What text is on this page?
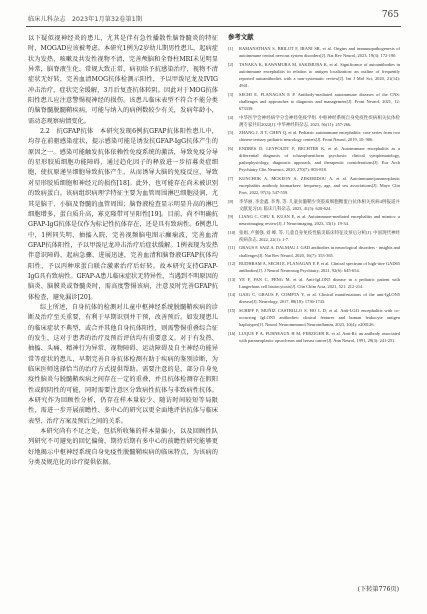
临床儿科杂志　2023年1月第32卷第1期	765

以下疑似视神经炎的患儿，尤其是伴有急性播散性脑脊髓炎的特征时，MOGAD应该被考虑。本研究1例为2岁幼儿期男性患儿，起病症状为发热、咳嗽及共发性视物不清，完善颅脑和全脊柱MRI未见明显异常，脑脊液生化、常规大致正常，病初给予抗感染治疗，视物不清症状无好转，完善血清MOG抗体检测示阳性，予以甲泼尼龙及IVIG冲击治疗，症状完全缓解，3月后复查抗体转阴。因此对于MOG抗体阳性患儿应注意警惕视神经的损伤。该患儿临床表型不符合不能分类的脑脊髓脱髓鞘疾病，可能与纳入的病例数较少有关，发病年龄小，需动态观察病情变化。

2.2　抗GFAP抗体　本研究发现6例抗GFAP抗体阳性患儿中，均存在前驱感染症状，提示感染可能是诱发抗GFAP-IgG抗体产生的原因之一。感染可能触发抗体依赖性免疫系统的激活，导致免疫分导的星形胶质细胞功能障碍，通过趋化因子的释放进一步招募炎症细胞，使抗原递呈细胞导致抗体产生，从而诱导大脑的免疫反应，导致对星形胶质细胞和神经元的损伤[18]。此外，也可能存在尚未被识别的致病蛋白。该病组织病理学特征主要为血管周围淋巴细胞浸润，尤其是脑干、小脑及脊髓的血管周围；脑脊液检查显示明显升高的淋巴细胞增多，蛋白质升高，寡克隆带可呈阳性[19]。目前，尚不明确抗GFAP-IgG抗体是仅作为标记性抗体存在，还是具有致病性。6例患儿中，1例同失明、抽搐入院，完善视频脑电图示癫痫波，完善血清GFAP抗体阳性，予以甲泼尼龙冲击治疗后症状缓解。1例表现为发热伴意识障碍，起病急骤、进展迅速，完善血清和脑脊液GFAP抗体均阳性，予以丙种球蛋白联合激素治疗后好转。故本研究支持GFAP-IgG具有致病性。GFAP-A患儿临床症状无特异性，当遇到不明原因的脑炎、脑膜炎或脊髓炎时，需高度警惕该病，注意及时完善GFAP抗体检查，避免漏诊[20]。

综上所述，自身抗体的检测对儿童中枢神经系统脱髓鞘疾病的诊断及治疗至关重要，有利于早期识别并干预，改善预后。如发现患儿的临床症状不典型，或合并其他自身抗体阳性，则需警惕重叠综合征的发生，这对于患者的治疗及预后评估均有重要意义。对于有发热、抽搐、头痛、精神行为异常、视物障碍、运动障碍及自主神经功能异常等症状的患儿，早期完善自身抗体检测有助于疾病的鉴别诊断，为临床医师选择恰当的治疗方式提供帮助。需要注意的是，部分自身免疫性脑炎与脱髓鞘疾病之间存在一定的重叠，并且抗体检测存在假阳性或假阴性的可能，同时需要注意区分致病性抗体与非致病性抗体。本研究作为回顾性分析，仍存在样本量较少、随访时间较短等局限性，需进一步开展前瞻性、多中心的研究以更全面地评估抗体与临床表型、治疗方案及预后之间的关系。

本研究尚有不足之处，包括所收集的样本量偏小，以及回顾性队列研究不可避免的回忆偏倚，期待后期有多中心的前瞻性研究能够更好地揭示中枢神经系统自身免疫性脱髓鞘疾病的临床特点，为该病的分类及规范化的诊疗提供依据。

参考文献
[1]	RAMANATHAN S, BRILOT F, IRANI SR, et al. Origins and immunopathogenesis of autoimmune central nervous system disorders[J]. Nat Rev Neurol, 2023, 19(3): 172-190.
[2]	TANAKA K, KAWAMURA M, SAKIMURA K, et al. Significance of autoantibodies in autoimmune encephalitis in relation to antigen localization: an outline of frequently reported autoantibodies with a non-systematic review[J]. Int J Mol Sci, 2020, 21(14): 4941.
[3]	SECHI E, FLANAGAN E P. Antibody-mediated autoimmune diseases of the CNS: challenges and approaches to diagnosis and management[J]. Front Neurol, 2021, 12: 673339.
[4]	中华医学会神经病学分会神经免疫学组. 中枢神经系统自身免疫性疾病相关抗体检测专家共识2022[J]. 中华神经科杂志, 2023, 56(11): 257-266.
[5]	ZHANG J, JI T, CHEN Q, et al. Pediatric autoimmune encephalitis: case series from two chinese tertiary pediatric neurology centers[J]. Front Neurol, 2019, 10: 906.
[6]	ENDRES D, LEYPOLDT F, BECHTER K, et al. Autoimmune encephalitis as a differential diagnosis of schizophreniform psychosis: clinical symptomatology, pathophysiology, diagnostic approach, and therapeutic considerations[J]. Eur Arch Psychiatry Clin Neurosci, 2020, 270(7): 803-818.
[7]	KUNCHOK A, MCKEON A, ZEKERIDOU A, et al. Autoimmune/paraneoplastic encephalitis antibody biomarkers: frequency, age, and sex associations[J]. Mayo Clin Proc, 2022, 97(3): 547-559.
[8]	李华丽, 李金鑫, 李秀, 等. 儿童抗髓鞘少突胶质细胞糖蛋白抗体相关疾病4例报道并文献复习[J]. 临床儿科杂志, 2023, 41(5): 620-624.
[9]	LIANG C, CHU E, KUAN E, et al. Autoimmune-mediated encephalitis and mimics: a neuroimaging review[J]. J Neuroimaging, 2023, 33(1): 19-34.
[10] 张娟, 卢强强, 刘 峰, 等. 儿童自身免疫性脑炎临床特征及预后分析[J]. 中国现代神经疾病杂志, 2022, 22(1): 1-7.
[11] GRAUS F, SAIZ A, DALMAU J. GAD antibodies in neurological disorders - insights and challenges[J]. Nat Rev Neurol, 2020, 16(7): 353-365.
[12] BUDHRAM A, SECHI E, FLANAGAN E P, et al. Clinical spectrum of high-titre GAD65 antibodies[J]. J Neurol Neurosurg Psychiatry, 2021, 92(6): 645-654.
[13] YE F, FAN C, PENG M, et al. Anti-IgLON5 disease in a pediatric patient with Langerhans cell histiocytosis[J]. Clin Chim Acta, 2021, 521: 212-214.
[14] GAIG C, GRAUS F, COMPTA Y, et al. Clinical manifestations of the anti-IgLON5 disease[J]. Neurology, 2017, 88(18): 1736-1743.
[15] SCHIFF P, MUÑIZ CASTRILLO S, HO L D, et al. Anti-LGI1 encephalitis with co-occurring IgLON5 antibodies: clinical features and human leukocyte antigen haplotypes[J]. Neurol Neuroimmunol Neuroinflamm, 2023, 10(4): e200126.
[16] LUQUE F A, FURNEAUX H M, FERZIGER R, et al. Anti-Ri: an antibody associated with paraneoplastic opsoclonus and breast cancer[J]. Ann Neurol, 1991, 29(3): 241-251.
(下转第776页)
